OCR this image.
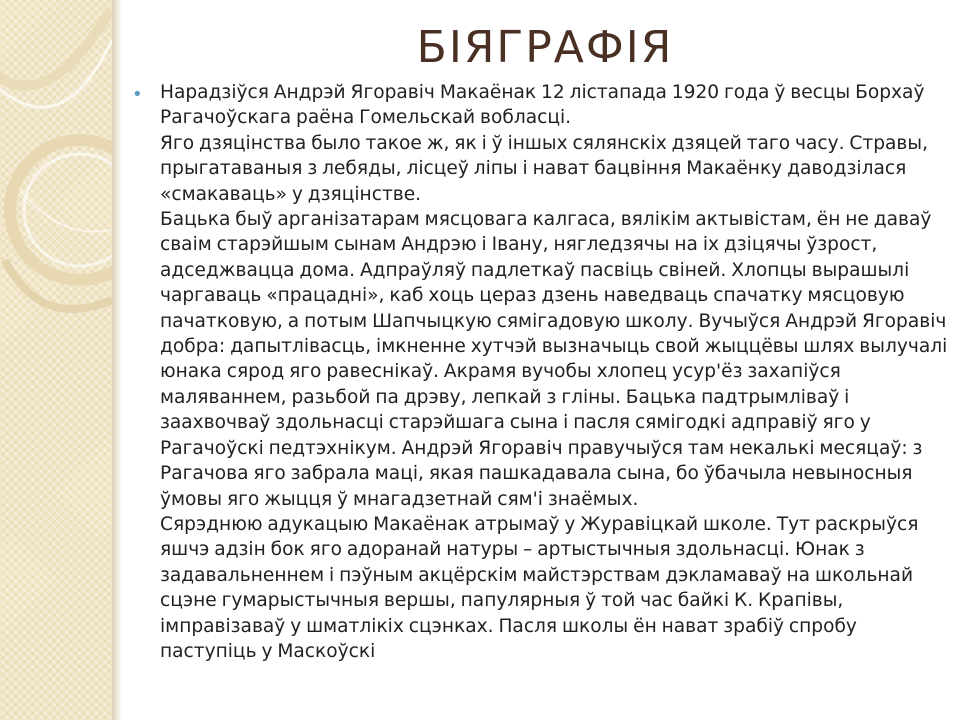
БІЯГРАФІЯ
• Нарадзіўся Андрэй Ягоравіч Макаёнак 12 лістапада 1920 года ў весцы Борхаў Рагачоўскага раёна Гомельскай вобласці.
Яго дзяцінства было такое ж, як і ў іншых сялянскіх дзяцей таго часу. Стравы, прыгатаваныя з лебяды, лісцеў ліпы і нават бацвіння Макаёнку даводзілася «смакаваць» у дзяцінстве.
Бацька быў арганізатарам мясцовага калгаса, вялікім актывістам, ён не даваў сваім старэйшым сынам Андрэю і Івану, нягледзячы на іх дзіцячы ўзрост, адседжвацца дома. Адпраўляў падлеткаў пасвіць свіней. Хлопцы вырашылі чаргаваць «працадні», каб хоць цераз дзень наведваць спачатку мясцовую пачатковую, а потым Шапчыцкую сямігадовую школу. Вучыўся Андрэй Ягоравіч добра: дапытлівасць, імкненне хутчэй вызначыць свой жыццёвы шлях вылучалі юнака сярод яго равеснікаў. Акрамя вучобы хлопец усур'ёз захапіўся маляваннем, разьбой па дрэву, лепкай з гліны. Бацька падтрымліваў і заахвочваў здольнасці старэйшага сына і пасля сямігодкі адправіў яго у Рагачоўскі педтэхнікум. Андрэй Ягоравіч правучыўся там некалькі месяцаў: з Рагачова яго забрала маці, якая пашкадавала сына, бо ўбачыла невыносныя ўмовы яго жыцця ў мнагадзетнай сям'і знаёмых.
Сярэднюю адукацыю Макаёнак атрымаў у Журавіцкай школе. Тут раскрыўся яшчэ адзін бок яго адоранай натуры – артыстычныя здольнасці. Юнак з задавальненнем і пэўным акцёрскім майстэрствам дэкламаваў на школьнай сцэне гумарыстычныя вершы, папулярныя ў той час байкі К. Крапівы, імправізаваў у шматлікіх сцэнках. Пасля школы ён нават зрабіў спробу паступіць у Маскоўскі
